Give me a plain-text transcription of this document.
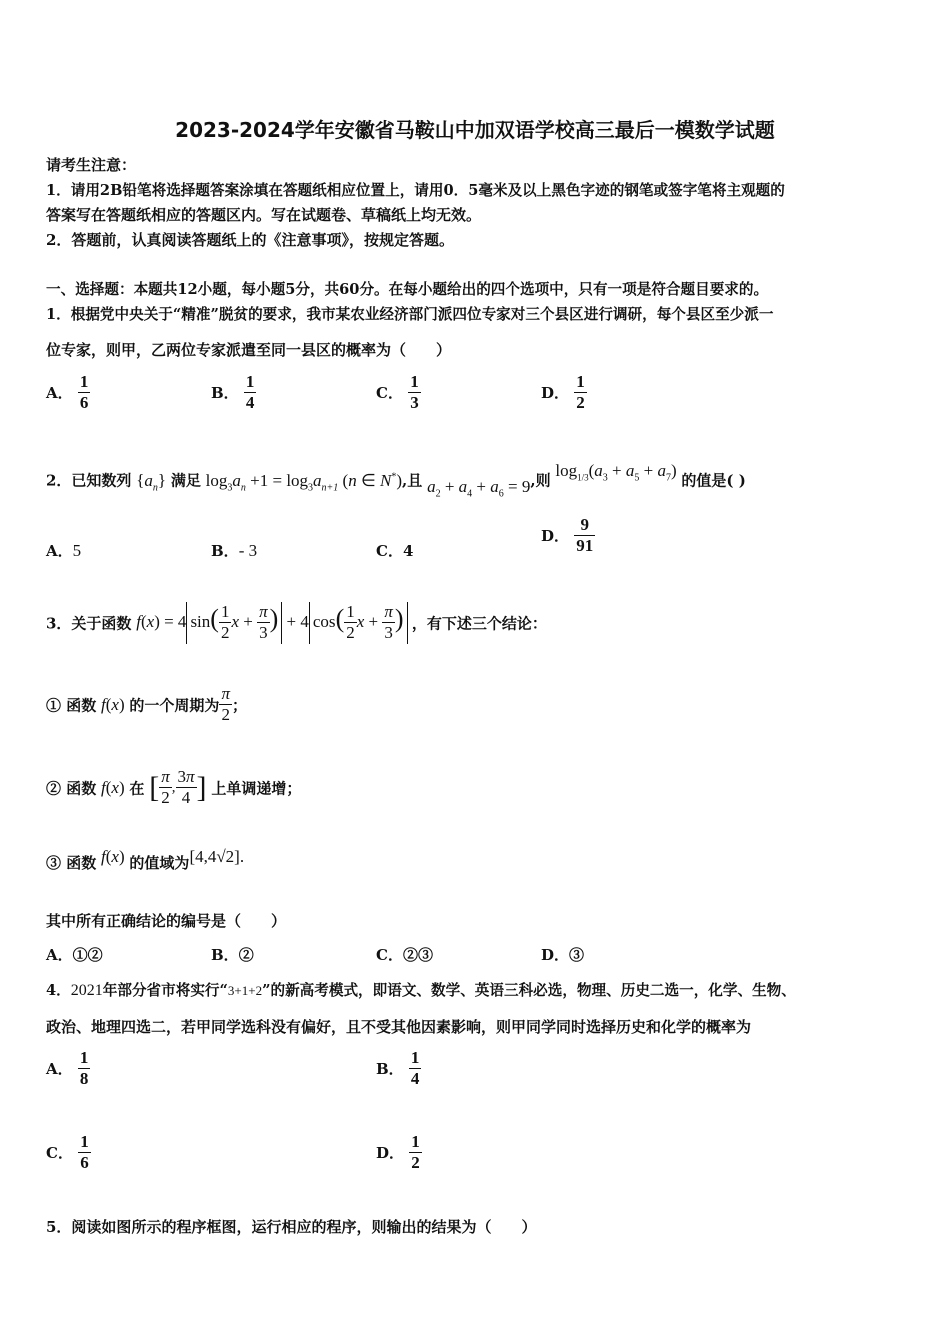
2023-2024学年安徽省马鞍山中加双语学校高三最后一模数学试题
请考生注意：
1．请用2B铅笔将选择题答案涂填在答题纸相应位置上，请用0．5毫米及以上黑色字迹的钢笔或签字笔将主观题的
答案写在答题纸相应的答题区内。写在试题卷、草稿纸上均无效。
2．答题前，认真阅读答题纸上的《注意事项》，按规定答题。
一、选择题：本题共12小题，每小题5分，共60分。在每小题给出的四个选项中，只有一项是符合题目要求的。
1．根据党中央关于“精准”脱贫的要求，我市某农业经济部门派四位专家对三个县区进行调研，每个县区至少派一
位专家，则甲，乙两位专家派遣至同一县区的概率为（　　）
A． $\frac{1}{6}$	B． $\frac{1}{4}$	C． $\frac{1}{3}$	D． $\frac{1}{2}$
2．已知数列 $\{a_n\}$ 满足 $\log_3a_n +1 = \log_3a_{n+1}$ (n ∈ N*),且 $a_2 + a_4 + a_6 = 9$,则 $\log_{1/3}(a_3 + a_5 + a_7)$ 的值是( )
A．5	B．- 3	C．4
D． $\frac{9}{91}$
3．关于函数 f(x) = 4 $\sin( \frac{1}{2}$ $x + \frac{\pi}{3}$ ) + 4 $\cos( \frac{1}{2}$ $x + \frac{\pi}{3}$ ) ，有下述三个结论：
① 函数 f(x) 的一个周期为 $\frac{\pi}{2}$ ；
② 函数 f(x) 在 [ $\frac{\pi}{2}$ , $\frac{3\pi}{4}$ ] 上单调递增；
③ 函数 f(x) 的值域为[4,4√2].
其中所有正确结论的编号是（　　）
A．①②	B．②	C．②③	D．③
4．2021年部分省市将实行“3+1+2”的新高考模式，即语文、数学、英语三科必选，物理、历史二选一，化学、生物、
政治、地理四选二，若甲同学选科没有偏好，且不受其他因素影响，则甲同学同时选择历史和化学的概率为
A． $\frac{1}{8}$	B． $\frac{1}{4}$
C． $\frac{1}{6}$	D． $\frac{1}{2}$
5．阅读如图所示的程序框图，运行相应的程序，则输出的结果为（　　）
